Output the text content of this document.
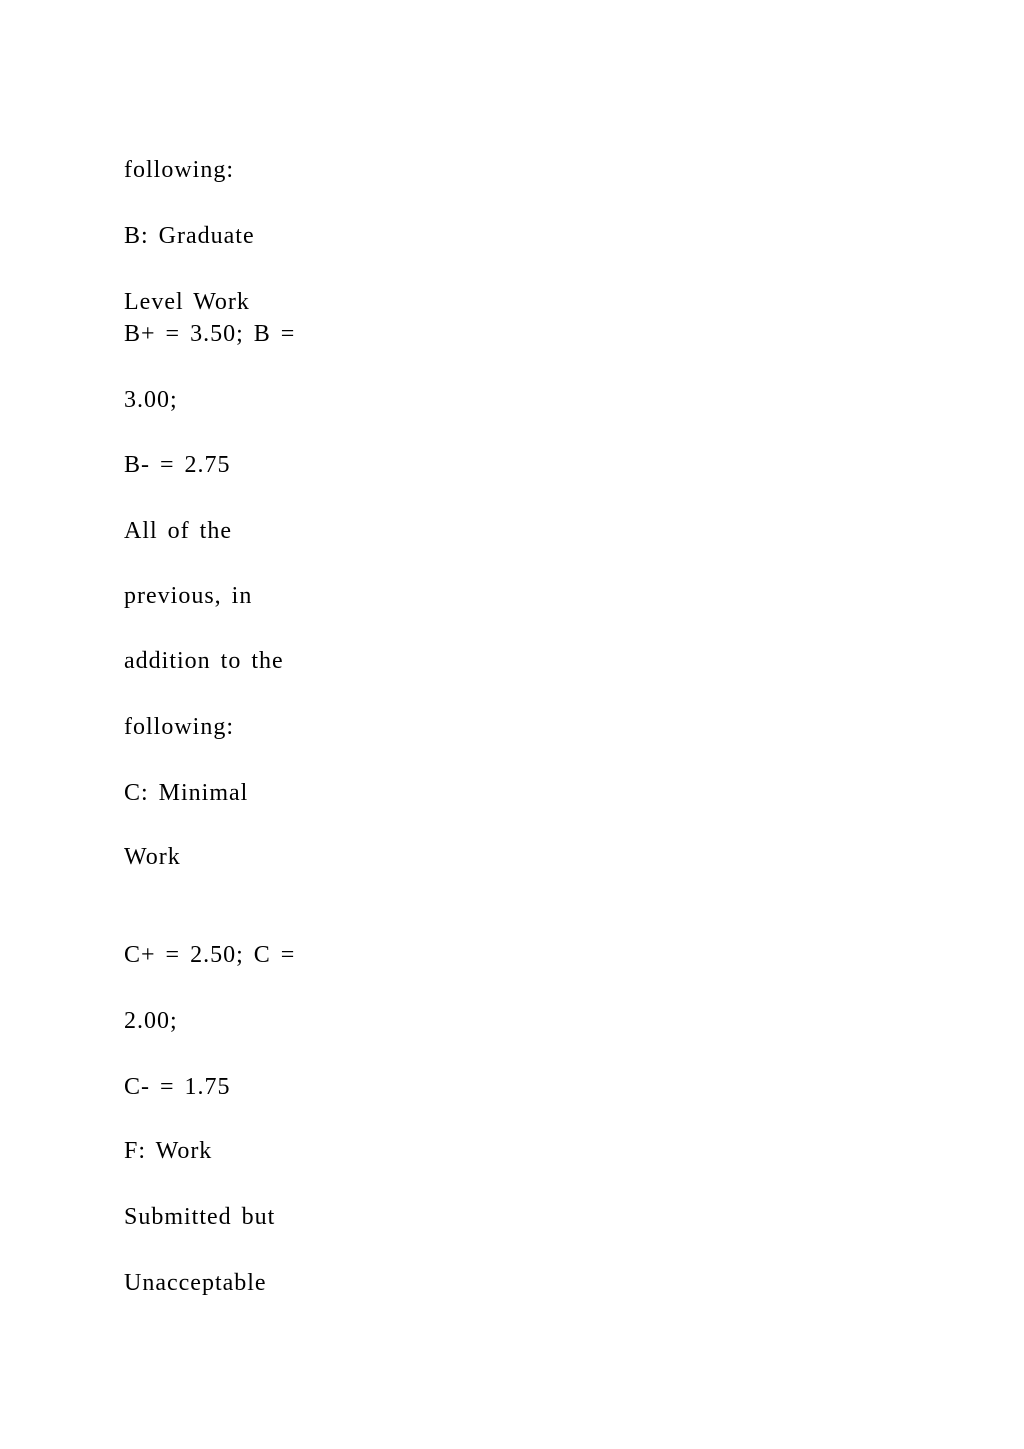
following:

B: Graduate

Level Work

B+ = 3.50; B =

3.00;

B- = 2.75

All of the

previous, in

addition to the

following:

C: Minimal

Work

C+ = 2.50; C =

2.00;

C- = 1.75

F: Work

Submitted but

Unacceptable
